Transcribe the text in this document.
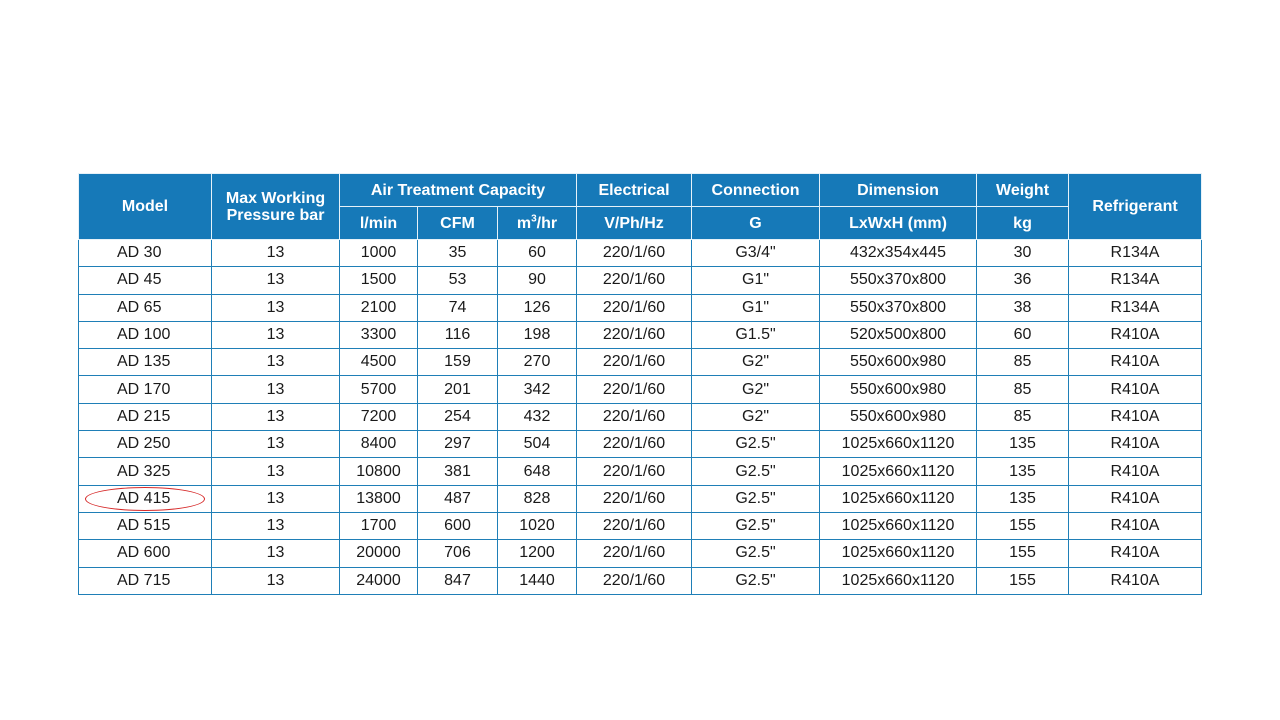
Model	Max Working Pressure bar	Air Treatment Capacity			Electrical	Connection	Dimension	Weight	Refrigerant
		l/min	CFM	$m^3/hr$	V/Ph/Hz	G	LxWxH (mm)	kg	
AD 30	13	1000	35	60	220/1/60	G3/4"	432x354x445	30	R134A
AD 45	13	1500	53	90	220/1/60	G1"	550x370x800	36	R134A
AD 65	13	2100	74	126	220/1/60	G1"	550x370x800	38	R134A
AD 100	13	3300	116	198	220/1/60	G1.5"	520x500x800	60	R410A
AD 135	13	4500	159	270	220/1/60	G2"	550x600x980	85	R410A
AD 170	13	5700	201	342	220/1/60	G2"	550x600x980	85	R410A
AD 215	13	7200	254	432	220/1/60	G2"	550x600x980	85	R410A
AD 250	13	8400	297	504	220/1/60	G2.5"	1025x660x1120	135	R410A
AD 325	13	10800	381	648	220/1/60	G2.5"	1025x660x1120	135	R410A
AD 415	13	13800	487	828	220/1/60	G2.5"	1025x660x1120	135	R410A
AD 515	13	1700	600	1020	220/1/60	G2.5"	1025x660x1120	155	R410A
AD 600	13	20000	706	1200	220/1/60	G2.5"	1025x660x1120	155	R410A
AD 715	13	24000	847	1440	220/1/60	G2.5"	1025x660x1120	155	R410A
